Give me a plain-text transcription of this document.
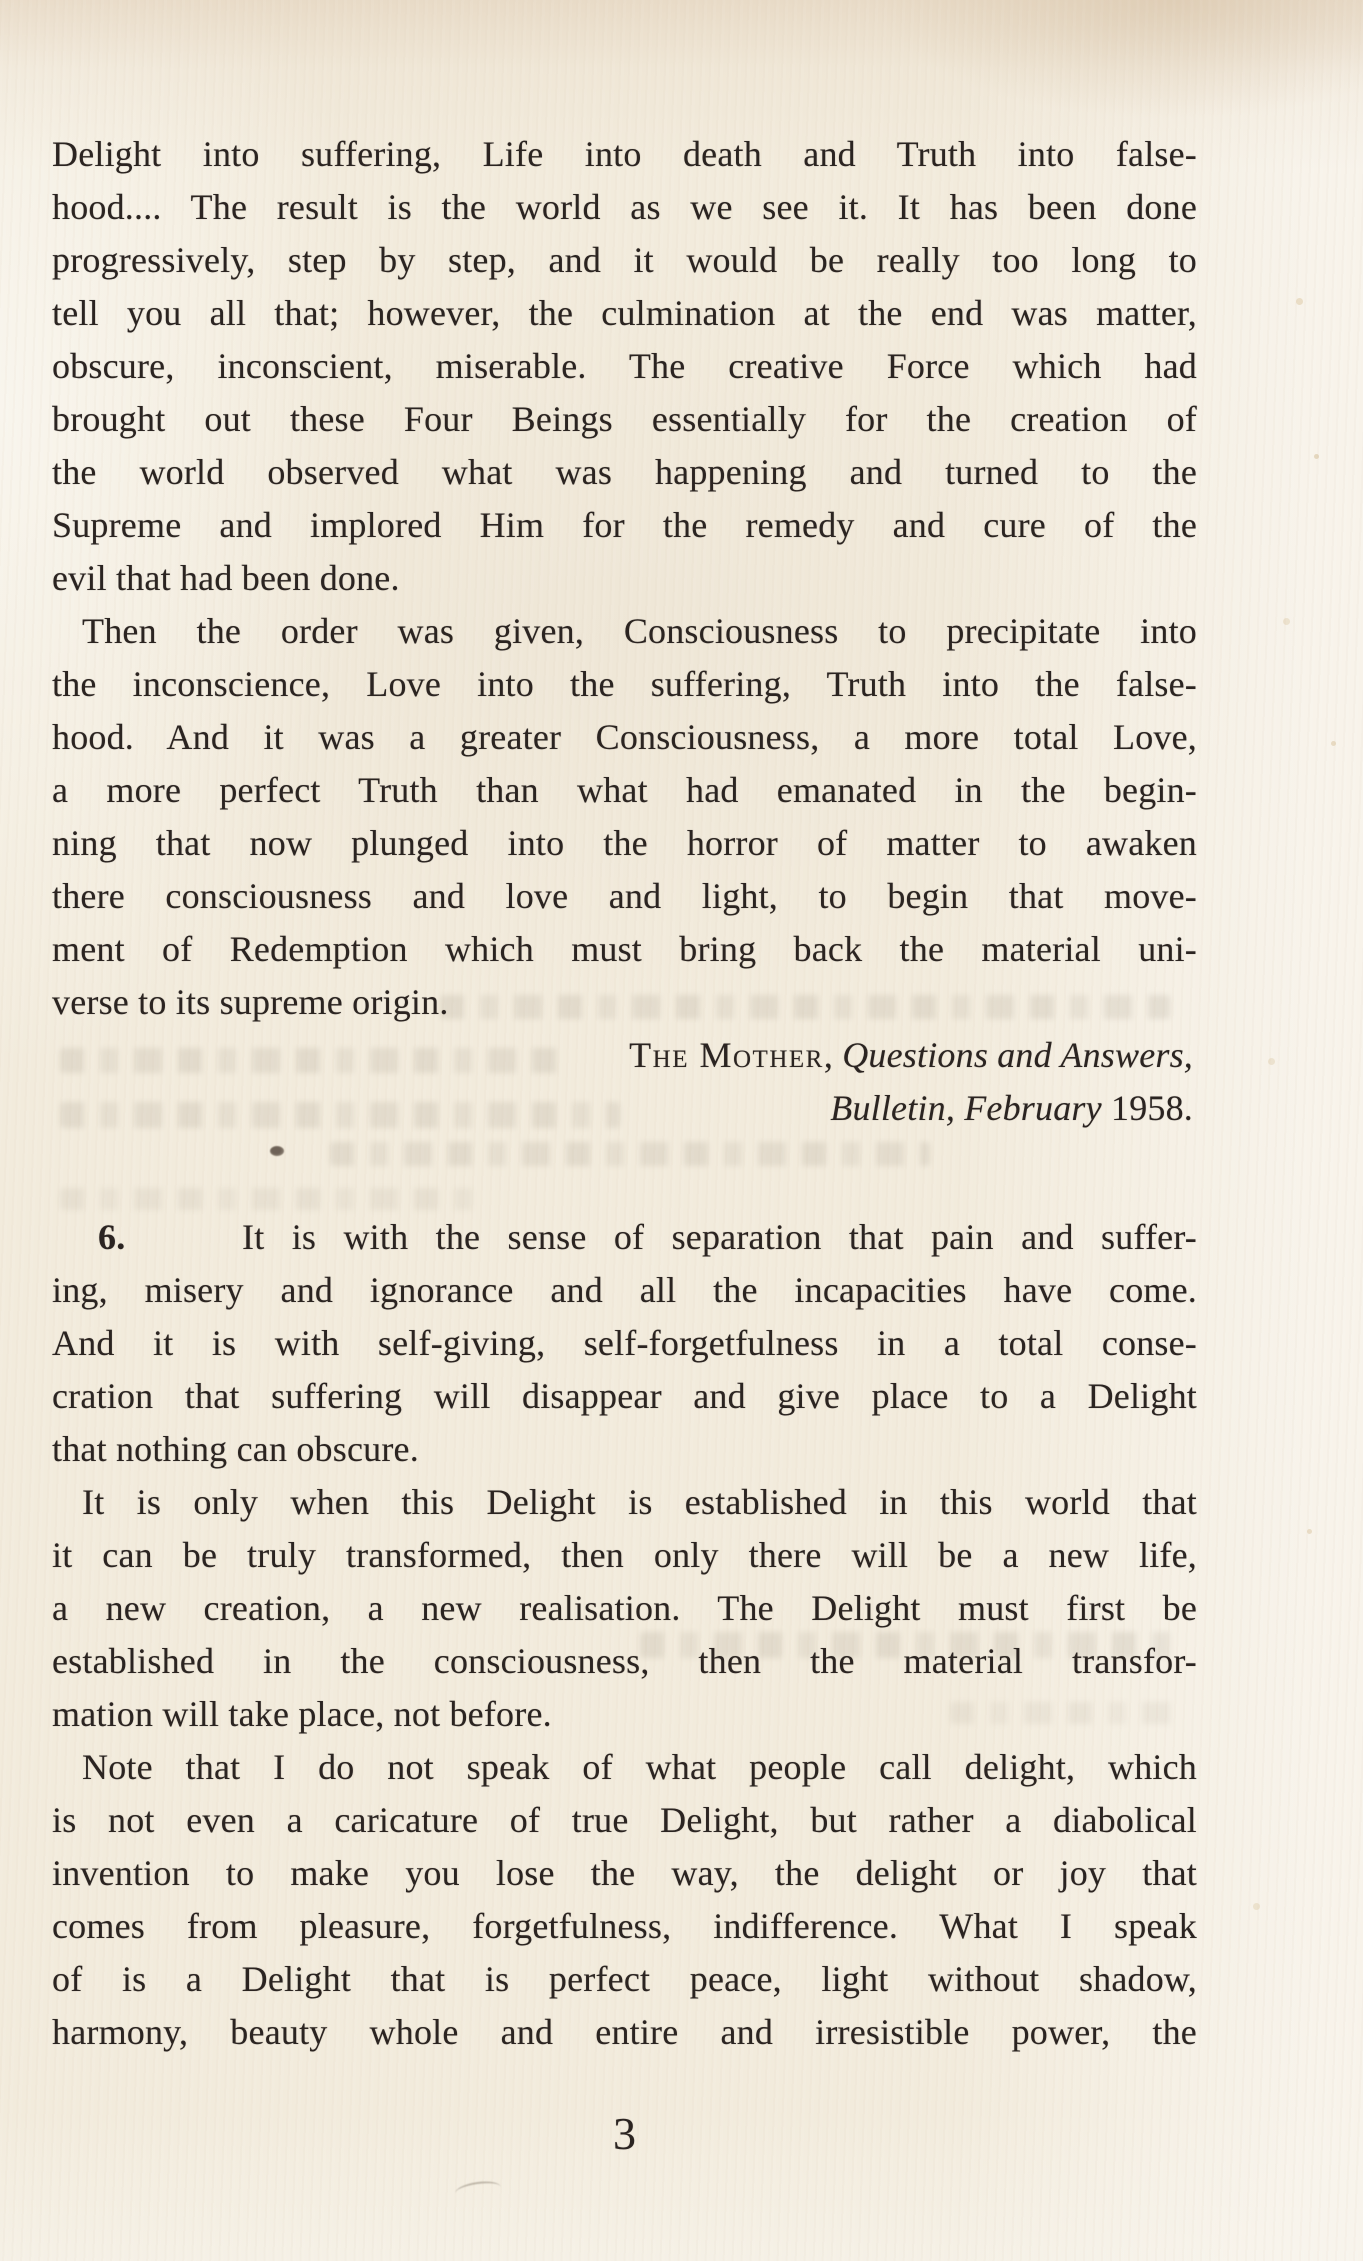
Delight into suffering, Life into death and Truth into false-
hood.... The result is the world as we see it. It has been done
progressively, step by step, and it would be really too long to
tell you all that; however, the culmination at the end was matter,
obscure, inconscient, miserable. The creative Force which had
brought out these Four Beings essentially for the creation of
the world observed what was happening and turned to the
Supreme and implored Him for the remedy and cure of the
evil that had been done.
Then the order was given, Consciousness to precipitate into
the inconscience, Love into the suffering, Truth into the false-
hood. And it was a greater Consciousness, a more total Love,
a more perfect Truth than what had emanated in the begin-
ning that now plunged into the horror of matter to awaken
there consciousness and love and light, to begin that move-
ment of Redemption which must bring back the material uni-
verse to its supreme origin.
The Mother, Questions and Answers,
Bulletin, February 1958.
6.	It is with the sense of separation that pain and suffer-
ing, misery and ignorance and all the incapacities have come.
And it is with self-giving, self-forgetfulness in a total conse-
cration that suffering will disappear and give place to a Delight
that nothing can obscure.
It is only when this Delight is established in this world that
it can be truly transformed, then only there will be a new life,
a new creation, a new realisation. The Delight must first be
established in the consciousness, then the material transfor-
mation will take place, not before.
Note that I do not speak of what people call delight, which
is not even a caricature of true Delight, but rather a diabolical
invention to make you lose the way, the delight or joy that
comes from pleasure, forgetfulness, indifference. What I speak
of is a Delight that is perfect peace, light without shadow,
harmony, beauty whole and entire and irresistible power, the
3
